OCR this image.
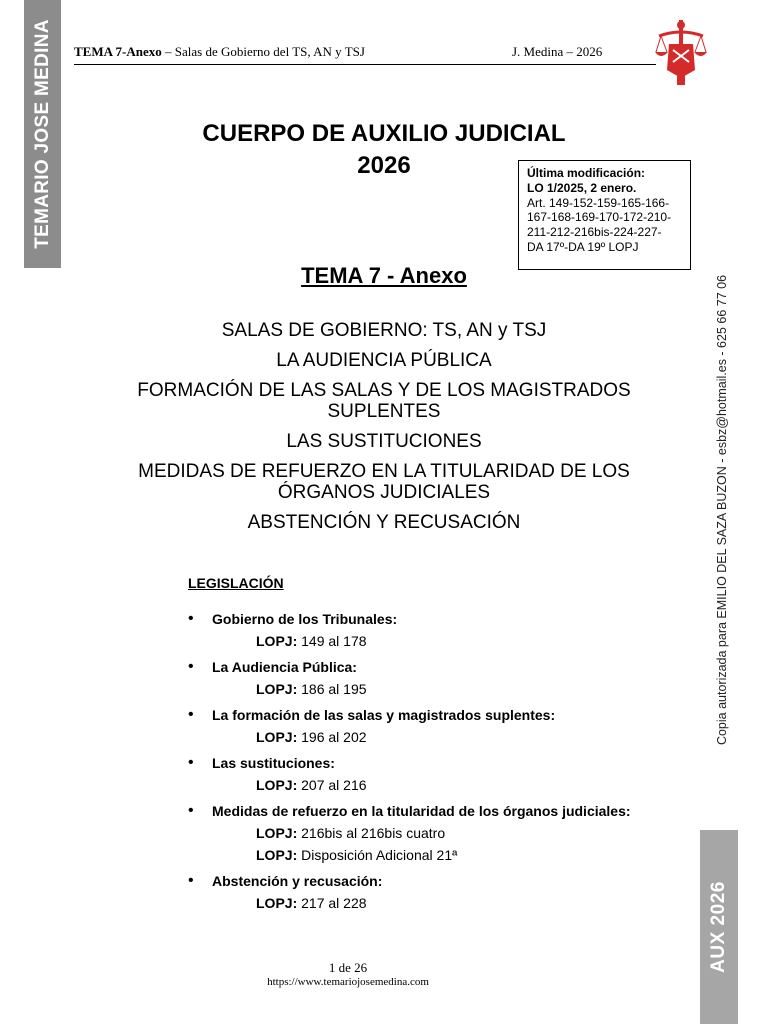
TEMARIO JOSE MEDINA TEMA 7-Anexo – Salas de Gobierno del TS, AN y TSJ	J. Medina – 2026
CUERPO DE AUXILIO JUDICIAL
2026	Última modificación:
LO 1/2025, 2 enero.
Art. 149-152-159-165-166-
167-168-169-170-172-210-
211-212-216bis-224-227-
DA 17º-DA 19º LOPJ
TEMA 7 - Anexo
SALAS DE GOBIERNO: TS, AN y TSJ
LA AUDIENCIA PÚBLICA
FORMACIÓN DE LAS SALAS Y DE LOS MAGISTRADOS SUPLENTES
LAS SUSTITUCIONES
MEDIDAS DE REFUERZO EN LA TITULARIDAD DE LOS ÓRGANOS JUDICIALES
ABSTENCIÓN Y RECUSACIÓN
LEGISLACIÓN
• Gobierno de los Tribunales:
LOPJ: 149 al 178
• La Audiencia Pública:
LOPJ: 186 al 195
• La formación de las salas y magistrados suplentes:
LOPJ: 196 al 202
• Las sustituciones:
LOPJ: 207 al 216
• Medidas de refuerzo en la titularidad de los órganos judiciales:
LOPJ: 216bis al 216bis cuatro
LOPJ: Disposición Adicional 21ª
• Abstención y recusación:
LOPJ: 217 al 228
Copia autorizada para EMILIO DEL SAZA BUZON - esbz@hotmail.es - 625 66 77 06
AUX 2026
1 de 26
https://www.temariojosemedina.com
